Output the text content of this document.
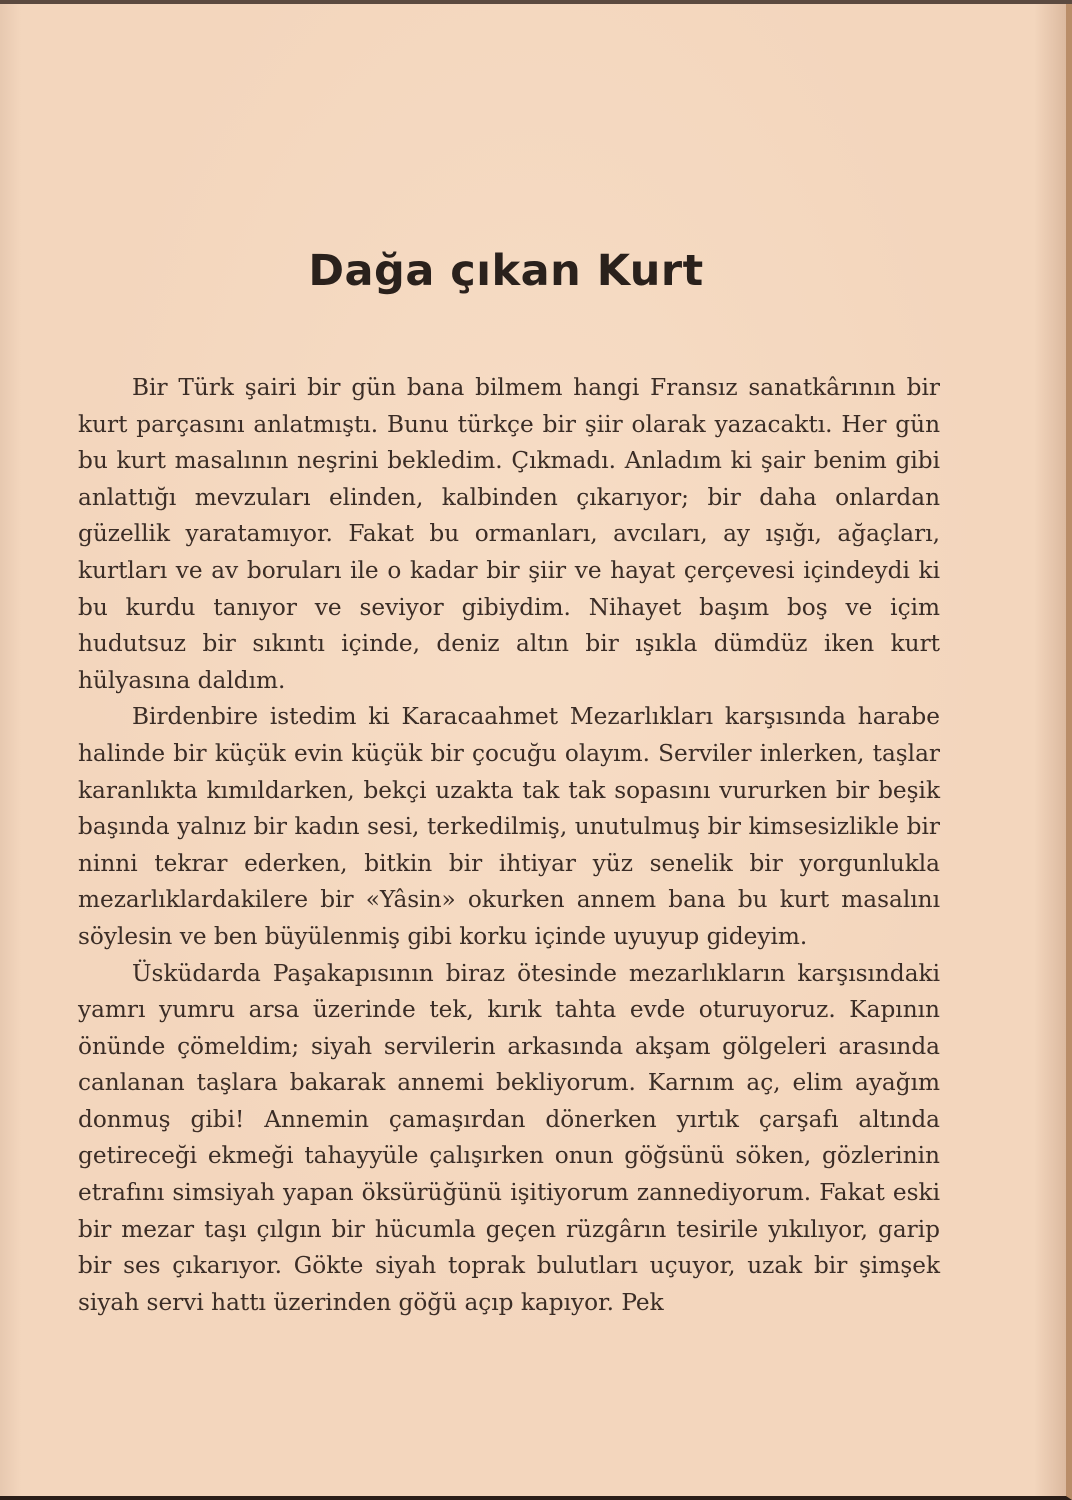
Dağa çıkan Kurt

Bir Türk şairi bir gün bana bilmem hangi Fransız sanatkârının bir kurt parçasını anlatmıştı. Bunu türkçe bir şiir olarak yazacaktı. Her gün bu kurt masalının neşrini bekledim. Çıkmadı. Anladım ki şair benim gibi anlattığı mevzuları elinden, kalbinden çıkarıyor; bir daha onlardan güzellik yaratamıyor. Fakat bu ormanları, avcıları, ay ışığı, ağaçları, kurtları ve av boruları ile o kadar bir şiir ve hayat çerçevesi içindeydi ki bu kurdu tanıyor ve seviyor gibiydim. Nihayet başım boş ve içim hudutsuz bir sıkıntı içinde, deniz altın bir ışıkla dümdüz iken kurt hülyasına daldım.

Birdenbire istedim ki Karacaahmet Mezarlıkları karşısında harabe halinde bir küçük evin küçük bir çocuğu olayım. Serviler inlerken, taşlar karanlıkta kımıldarken, bekçi uzakta tak tak sopasını vururken bir beşik başında yalnız bir kadın sesi, terkedilmiş, unutulmuş bir kimsesizlikle bir ninni tekrar ederken, bitkin bir ihtiyar yüz senelik bir yorgunlukla mezarlıklardakilere bir «Yâsin» okurken annem bana bu kurt masalını söylesin ve ben büyülenmiş gibi korku içinde uyuyup gideyim.

Üsküdarda Paşakapısının biraz ötesinde mezarlıkların karşısındaki yamrı yumru arsa üzerinde tek, kırık tahta evde oturuyoruz. Kapının önünde çömeldim; siyah servilerin arkasında akşam gölgeleri arasında canlanan taşlara bakarak annemi bekliyorum. Karnım aç, elim ayağım donmuş gibi! Annemin çamaşırdan dönerken yırtık çarşafı altında getireceği ekmeği tahayyüle çalışırken onun göğsünü söken, gözlerinin etrafını simsiyah yapan öksürüğünü işitiyorum zannediyorum. Fakat eski bir mezar taşı çılgın bir hücumla geçen rüzgârın tesirile yıkılıyor, garip bir ses çıkarıyor. Gökte siyah toprak bulutları uçuyor, uzak bir şimşek siyah servi hattı üzerinden göğü açıp kapıyor. Pek
